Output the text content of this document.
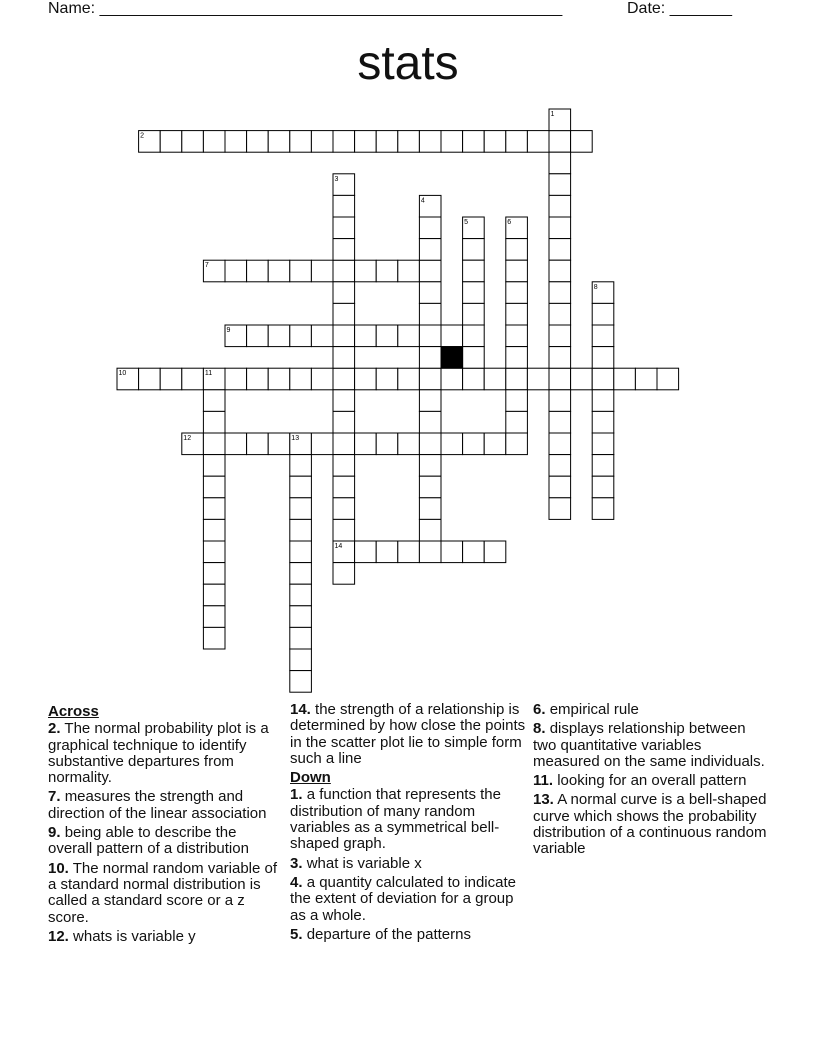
Name: ____________________________________________________	Date: _______
stats
2
7
9
10
12
14
1
3
4
5	6
8
11
13
Across
2. The normal probability plot is a graphical technique to identify substantive departures from normality.
7. measures the strength and direction of the linear association
9. being able to describe the overall pattern of a distribution
10. The normal random variable of a standard normal distribution is called a standard score or a z score.
12. whats is variable y
14. the strength of a relationship is determined by how close the points in the scatter plot lie to simple form such a line
Down
1. a function that represents the distribution of many random variables as a symmetrical bell-shaped graph.
3. what is variable x
4. a quantity calculated to indicate the extent of deviation for a group as a whole.
5. departure of the patterns
6. empirical rule
8. displays relationship between two quantitative variables measured on the same individuals.
11. looking for an overall pattern
13. A normal curve is a bell-shaped curve which shows the probability distribution of a continuous random variable
